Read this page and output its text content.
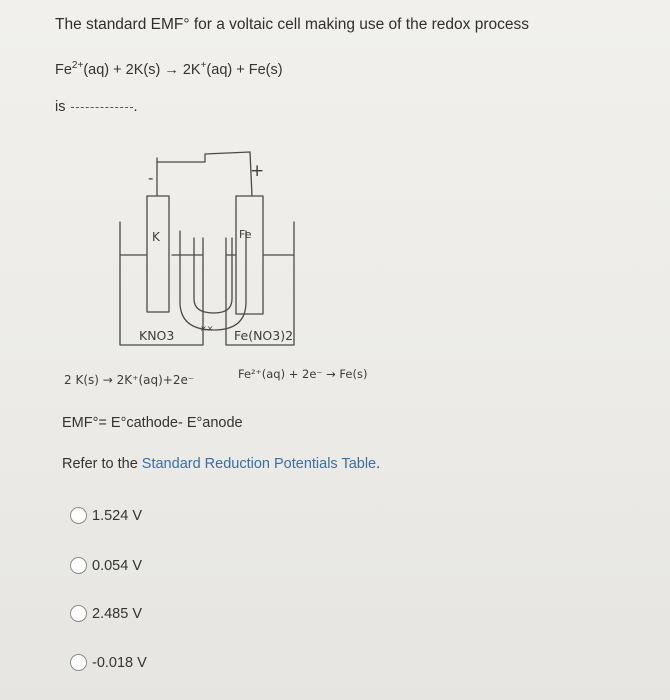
The standard EMF° for a voltaic cell making use of the redox process
$Fe^{2+}(aq) + 2K(s) \to 2K^+(aq) + Fe(s)$
is	.
-	+
K	Fe
KNO3	⨯⨯ Fe(NO3)2
2 K(s) → 2K⁺(aq)+2e⁻	Fe²⁺(aq) + 2e⁻ → Fe(s)
EMF°= E°cathode- E°anode
Refer to the Standard Reduction Potentials Table.
1.524 V
0.054 V
2.485 V
-0.018 V
